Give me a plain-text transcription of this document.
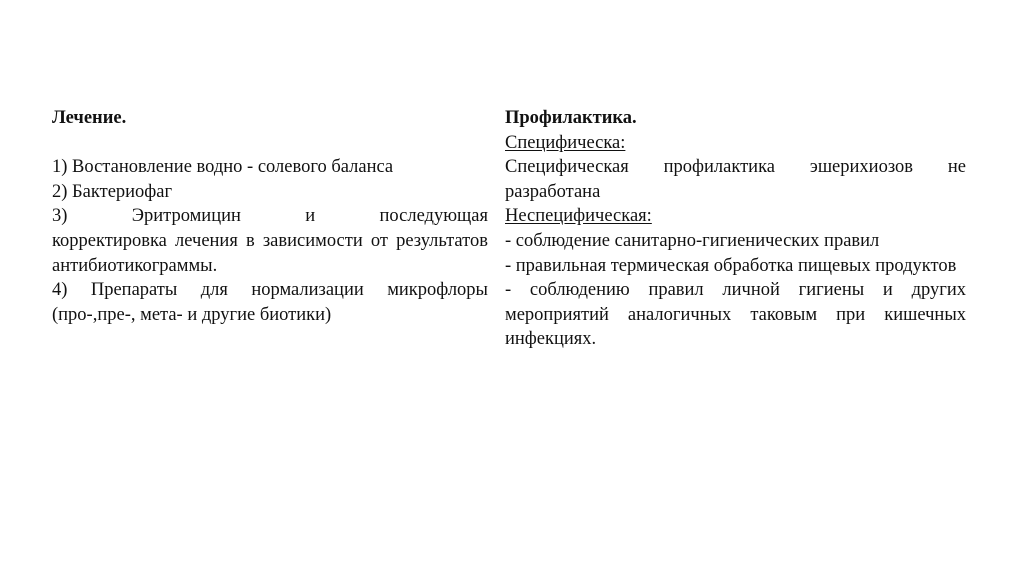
Лечение.

1) Востановление водно - солевого баланса

2) Бактериофаг

3) Эритромицин и последующая

корректировка лечения в зависимости от результатов антибиотикограммы.

4) Препараты для нормализации микрофлоры (про-,пре-, мета- и другие биотики)

Профилактика.

Специфическа:

Специфическая профилактика эшерихиозов не разработана

Неспецифическая:

- соблюдение санитарно-гигиенических правил

- правильная термическая обработка пищевых продуктов

- соблюдению правил личной гигиены и других мероприятий аналогичных таковым при кишечных инфекциях.
